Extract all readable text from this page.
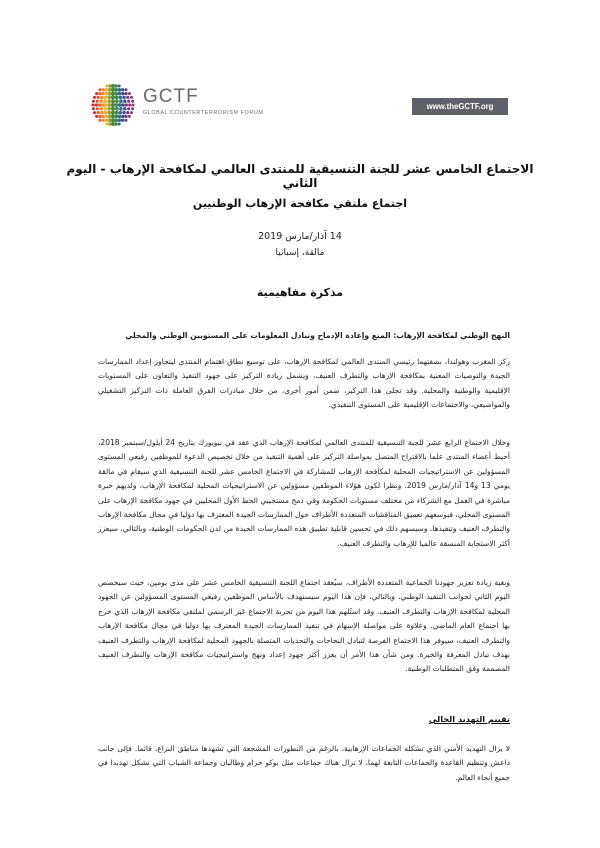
GCTF
GLOBAL COUNTERTERRORISM FORUM
www.theGCTF.org
الاجتماع الخامس عشر للجنة التنسيقية للمنتدى العالمي لمكافحة الإرهاب - اليوم الثاني
اجتماع ملتقي مكافحة الإرهاب الوطنيين
14 آذار/مارس 2019
مالقة، إسبانيا
مذكرة مفاهيمية
النهج الوطني لمكافحة الإرهاب: المنع وإعادة الإدماج وتبادل المعلومات على المستويين الوطني والمحلي
ركز المغرب وهولندا، بصفتهما رئيسي المنتدى العالمي لمكافحة الإرهاب، على توسيع نطاق اهتمام المنتدى ليتجاوز إعداد الممارسات الجيدة والتوصيات المعنية بمكافحة الإرهاب والتطرف العنيف، ويشمل زيادة التركيز على جهود التنفيذ والتعاون على المستويات الإقليمية والوطنية والمحلية. وقد تجلى هذا التركيز، ضمن أمور أخرى، من خلال مبادرات الفرق العاملة ذات التركيز التشغيلي والمواضيعي، والاجتماعات الإقليمية على المستوى التنفيذي.
وخلال الاجتماع الرابع عشر للجنة التنسيقية للمنتدى العالمي لمكافحة الإرهاب الذي عقد في نيويورك بتاريخ 24 أيلول/سبتمبر 2018، أحيط أعضاء المنتدى علما بالاقتراح المتصل بمواصلة التركيز على أهمية التنفيذ من خلال تخصيص الدعوة للموظفين رفيعي المستوى المسؤولين عن الاستراتيجيات المحلية لمكافحة الإرهاب للمشاركة في الاجتماع الخامس عشر للجنة التنسيقية الذي سيقام في مالقة يومي 13 و14 آذار/مارس 2019. ونظرا لكون هؤلاء الموظفين مسؤولين عن الاستراتيجيات المحلية لمكافحة الإرهاب، ولديهم خبرة مباشرة في العمل مع الشركاء من مختلف مستويات الحكومة وفي دمج مستجيبي الخط الأول المحليين في جهود مكافحة الإرهاب على المستوى المحلي، فبوسعهم تعميق المناقشات المتعددة الأطراف حول الممارسات الجيدة المعترف بها دوليا في مجال مكافحة الإرهاب والتطرف العنيف وتنفيذها. وسيسهم ذلك في تحسين قابلية تطبيق هذه الممارسات الجيدة من لدن الحكومات الوطنية، وبالتالي، سيعزز أكثر الاستجابة المنسقة عالميا للإرهاب والتطرف العنيف.
وبغية زيادة تعزيز جهودنا الجماعية المتعددة الأطراف، سيُعقد اجتماع اللجنة التنسيقية الخامس عشر على مدى يومين، حيث سيخصص اليوم الثاني لجوانب التنفيذ الوطني. وبالتالي، فإن هذا اليوم سيستهدف بالأساس الموظفين رفيعي المستوى المسؤولين عن الجهود المحلية لمكافحة الإرهاب والتطرف العنيف. وقد استُلهم هذا اليوم من تجربة الاجتماع غير الرسمي لملتقي مكافحة الإرهاب الذي خرج بها اجتماع العام الماضي. وعلاوة على مواصلة الإسهام في تنفيذ الممارسات الجيدة المعترف بها دوليا في مجال مكافحة الإرهاب والتطرف العنيف، سيوفر هذا الاجتماع الفرصة لتبادل النجاحات والتحديات المتصلة بالجهود المحلية لمكافحة الإرهاب والتطرف العنيف بهدف تبادل المعرفة والخبرة. ومن شأن هذا الأمر أن يعزز أكثر جهود إعداد ونهج واستراتيجيات مكافحة الإرهاب والتطرف العنيف المصممة وفق المتطلبات الوطنية.
تقييم التهديد الحالي
لا يزال التهديد الأمني الذي تشكله الجماعات الإرهابية، بالرغم من التطورات المشجعة التي تشهدها مناطق النزاع، قائما. فإلى جانب داعش وتنظيم القاعدة والجماعات التابعة لهما، لا تزال هناك جماعات مثل بوكو حرام وطالبان وجماعة الشباب التي تشكل تهديدا في جميع أنحاء العالم.
